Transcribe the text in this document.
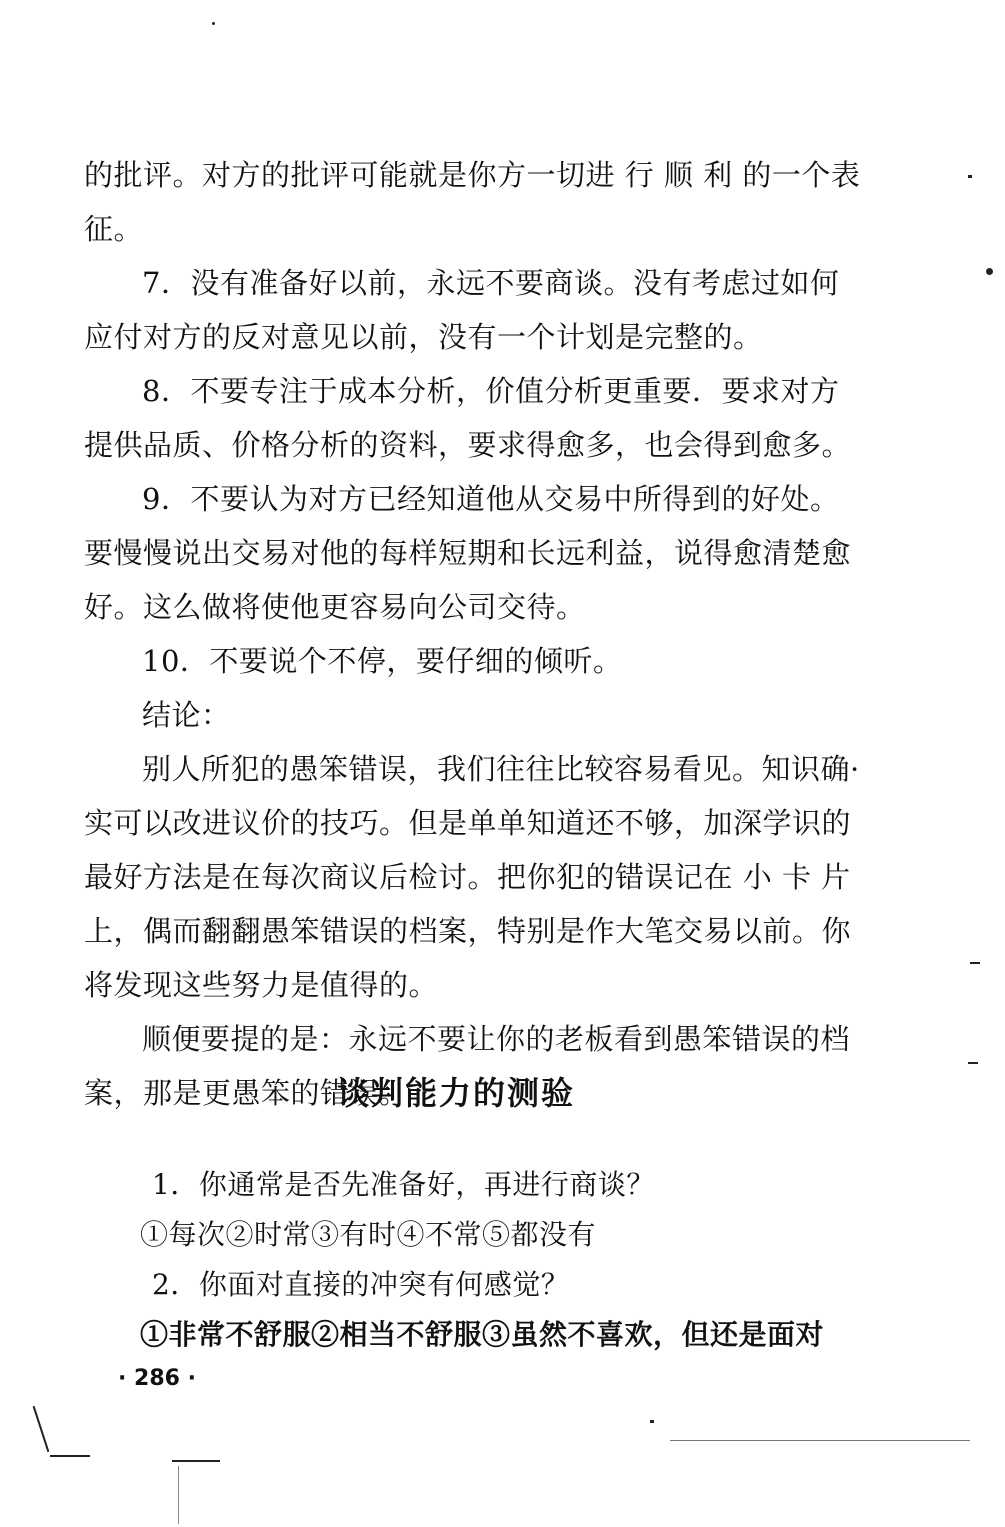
的批评。对方的批评可能就是你方一切进 行 顺 利 的一个表
征。
7．没有准备好以前，永远不要商谈。没有考虑过如何
应付对方的反对意见以前，没有一个计划是完整的。
8．不要专注于成本分析，价值分析更重要．要求对方
提供品质、价格分析的资料，要求得愈多，也会得到愈多。
9．不要认为对方已经知道他从交易中所得到的好处。
要慢慢说出交易对他的每样短期和长远利益，说得愈清楚愈
好。这么做将使他更容易向公司交待。
10．不要说个不停，要仔细的倾听。
结论：
别人所犯的愚笨错误，我们往往比较容易看见。知识确·
实可以改进议价的技巧。但是单单知道还不够，加深学识的
最好方法是在每次商议后检讨。把你犯的错误记在 小 卡 片
上，偶而翻翻愚笨错误的档案，特别是作大笔交易以前。你
将发现这些努力是值得的。
顺便要提的是：永远不要让你的老板看到愚笨错误的档
案，那是更愚笨的错误。
谈判能力的测验
1．你通常是否先准备好，再进行商谈？
①每次②时常③有时④不常⑤都没有
2．你面对直接的冲突有何感觉？
①非常不舒服②相当不舒服③虽然不喜欢，但还是面对
· 286 ·
